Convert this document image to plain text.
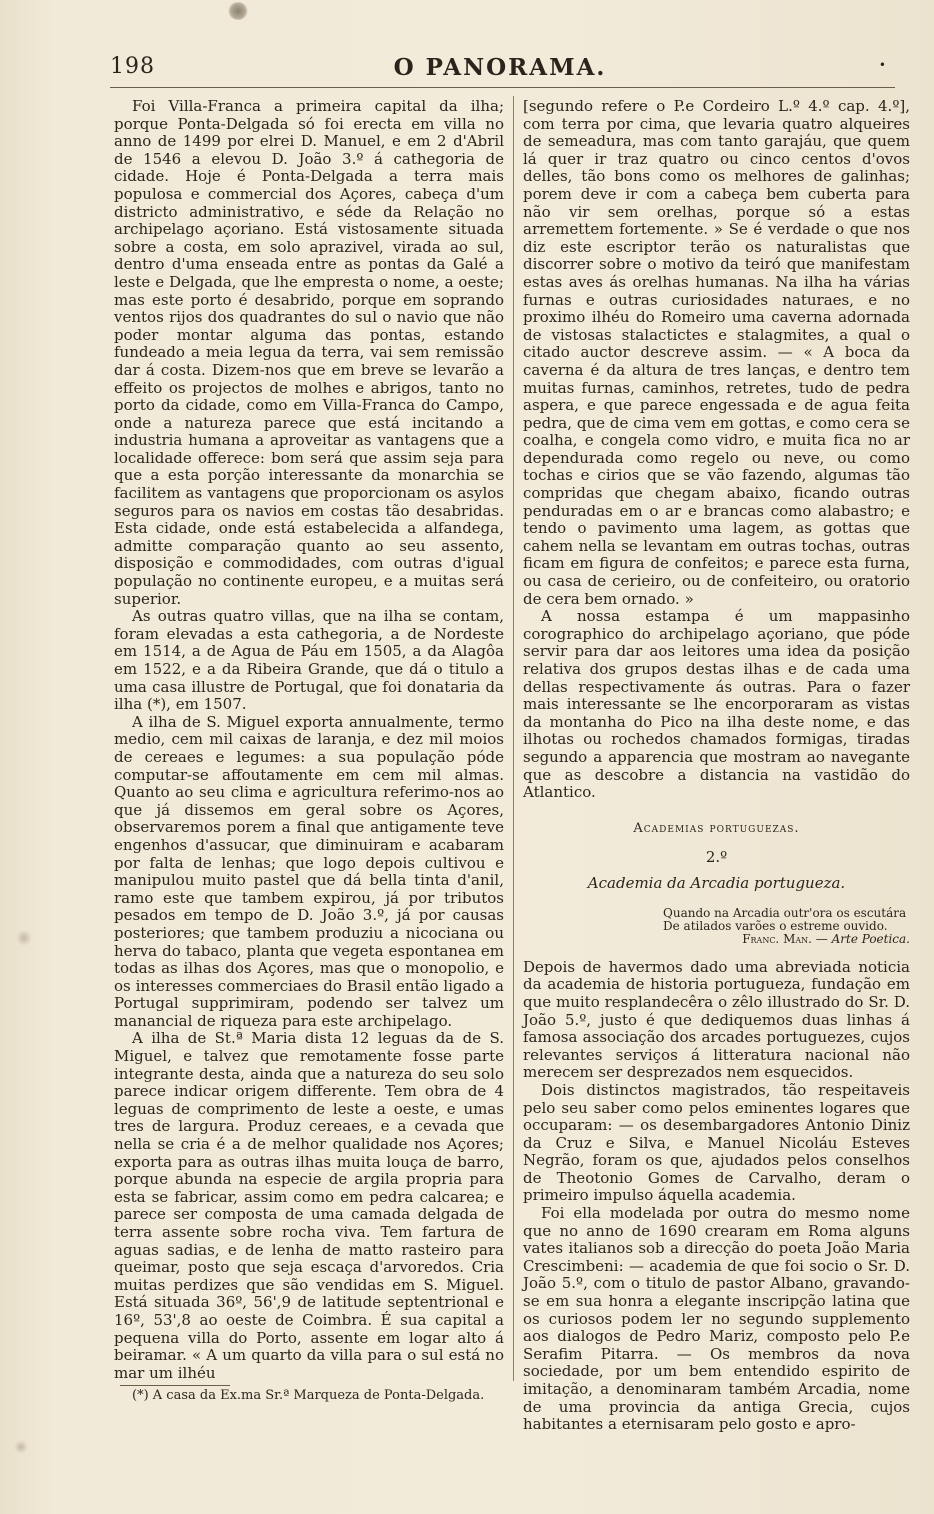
198	O PANORAMA.	•

Foi Villa-Franca a primeira capital da ilha; porque Ponta-Delgada só foi erecta em villa no anno de 1499 por elrei D. Manuel, e em 2 d'Abril de 1546 a elevou D. João 3.º á cathegoria de cidade. Hoje é Ponta-Delgada a terra mais populosa e commercial dos Açores, cabeça d'um districto administrativo, e séde da Relação no archipelago açoriano. Está vistosamente situada sobre a costa, em solo aprazivel, virada ao sul, dentro d'uma enseada entre as pontas da Galé a leste e Delgada, que lhe empresta o nome, a oeste; mas este porto é desabrido, porque em soprando ventos rijos dos quadrantes do sul o navio que não poder montar alguma das pontas, estando fundeado a meia legua da terra, vai sem remissão dar á costa. Dizem-nos que em breve se levarão a effeito os projectos de molhes e abrigos, tanto no porto da cidade, como em Villa-Franca do Campo, onde a natureza parece que está incitando a industria humana a aproveitar as vantagens que a localidade offerece: bom será que assim seja para que a esta porção interessante da monarchia se facilitem as vantagens que proporcionam os asylos seguros para os navios em costas tão desabridas. Esta cidade, onde está estabelecida a alfandega, admitte comparação quanto ao seu assento, disposição e commodidades, com outras d'igual população no continente europeu, e a muitas será superior.

As outras quatro villas, que na ilha se contam, foram elevadas a esta cathegoria, a de Nordeste em 1514, a de Agua de Páu em 1505, a da Alagôa em 1522, e a da Ribeira Grande, que dá o titulo a uma casa illustre de Portugal, que foi donataria da ilha (*), em 1507.

A ilha de S. Miguel exporta annualmente, termo medio, cem mil caixas de laranja, e dez mil moios de cereaes e legumes: a sua população póde computar-se affoutamente em cem mil almas. Quanto ao seu clima e agricultura referimo-nos ao que já dissemos em geral sobre os Açores, observaremos porem a final que antigamente teve engenhos d'assucar, que diminuiram e acabaram por falta de lenhas; que logo depois cultivou e manipulou muito pastel que dá bella tinta d'anil, ramo este que tambem expirou, já por tributos pesados em tempo de D. João 3.º, já por causas posteriores; que tambem produziu a nicociana ou herva do tabaco, planta que vegeta espontanea em todas as ilhas dos Açores, mas que o monopolio, e os interesses commerciaes do Brasil então ligado a Portugal supprimiram, podendo ser talvez um manancial de riqueza para este archipelago.

A ilha de St.ª Maria dista 12 leguas da de S. Miguel, e talvez que remotamente fosse parte integrante desta, ainda que a natureza do seu solo parece indicar origem differente. Tem obra de 4 leguas de comprimento de leste a oeste, e umas tres de largura. Produz cereaes, e a cevada que nella se cria é a de melhor qualidade nos Açores; exporta para as outras ilhas muita louça de barro, porque abunda na especie de argila propria para esta se fabricar, assim como em pedra calcarea; e parece ser composta de uma camada delgada de terra assente sobre rocha viva. Tem fartura de aguas sadias, e de lenha de matto rasteiro para queimar, posto que seja escaça d'arvoredos. Cria muitas perdizes que são vendidas em S. Miguel. Está situada 36º, 56',9 de latitude septentrional e 16º, 53',8 ao oeste de Coimbra. É sua capital a pequena villa do Porto, assente em logar alto á beiramar. « A um quarto da villa para o sul está no mar um ilhéu

(*) A casa da Ex.ma Sr.ª Marqueza de Ponta-Delgada.

[segundo refere o P.e Cordeiro L.º 4.º cap. 4.º], com terra por cima, que levaria quatro alqueires de semeadura, mas com tanto garajáu, que quem lá quer ir traz quatro ou cinco centos d'ovos delles, tão bons como os melhores de galinhas; porem deve ir com a cabeça bem cuberta para não vir sem orelhas, porque só a estas arremettem fortemente. » Se é verdade o que nos diz este escriptor terão os naturalistas que discorrer sobre o motivo da teiró que manifestam estas aves ás orelhas humanas. Na ilha ha várias furnas e outras curiosidades naturaes, e no proximo ilhéu do Romeiro uma caverna adornada de vistosas stalactictes e stalagmites, a qual o citado auctor descreve assim. — « A boca da caverna é da altura de tres lanças, e dentro tem muitas furnas, caminhos, retretes, tudo de pedra aspera, e que parece engessada e de agua feita pedra, que de cima vem em gottas, e como cera se coalha, e congela como vidro, e muita fica no ar dependurada como regelo ou neve, ou como tochas e cirios que se vão fazendo, algumas tão compridas que chegam abaixo, ficando outras penduradas em o ar e brancas como alabastro; e tendo o pavimento uma lagem, as gottas que cahem nella se levantam em outras tochas, outras ficam em figura de confeitos; e parece esta furna, ou casa de cerieiro, ou de confeiteiro, ou oratorio de cera bem ornado. »

A nossa estampa é um mappasinho corographico do archipelago açoriano, que póde servir para dar aos leitores uma idea da posição relativa dos grupos destas ilhas e de cada uma dellas respectivamente ás outras. Para o fazer mais interessante se lhe encorporaram as vistas da montanha do Pico na ilha deste nome, e das ilhotas ou rochedos chamados formigas, tiradas segundo a apparencia que mostram ao navegante que as descobre a distancia na vastidão do Atlantico.

Academias portuguezas.
2.º
Academia da Arcadia portugueza.
Quando na Arcadia outr'ora os escutára
De atilados varões o estreme ouvido.
Franc. Man. — Arte Poetica.

Depois de havermos dado uma abreviada noticia da academia de historia portugueza, fundação em que muito resplandecêra o zêlo illustrado do Sr. D. João 5.º, justo é que dediquemos duas linhas á famosa associação dos arcades portuguezes, cujos relevantes serviços á litteratura nacional não merecem ser desprezados nem esquecidos.

Dois distinctos magistrados, tão respeitaveis pelo seu saber como pelos eminentes logares que occuparam: — os desembargadores Antonio Diniz da Cruz e Silva, e Manuel Nicoláu Esteves Negrão, foram os que, ajudados pelos conselhos de Theotonio Gomes de Carvalho, deram o primeiro impulso áquella academia.

Foi ella modelada por outra do mesmo nome que no anno de 1690 crearam em Roma alguns vates italianos sob a direcção do poeta João Maria Crescimbeni: — academia de que foi socio o Sr. D. João 5.º, com o titulo de pastor Albano, gravando-se em sua honra a elegante inscripção latina que os curiosos podem ler no segundo supplemento aos dialogos de Pedro Mariz, composto pelo P.e Serafim Pitarra. — Os membros da nova sociedade, por um bem entendido espirito de imitação, a denominaram também Arcadia, nome de uma provincia da antiga Grecia, cujos habitantes a eternisaram pelo gosto e apro-
